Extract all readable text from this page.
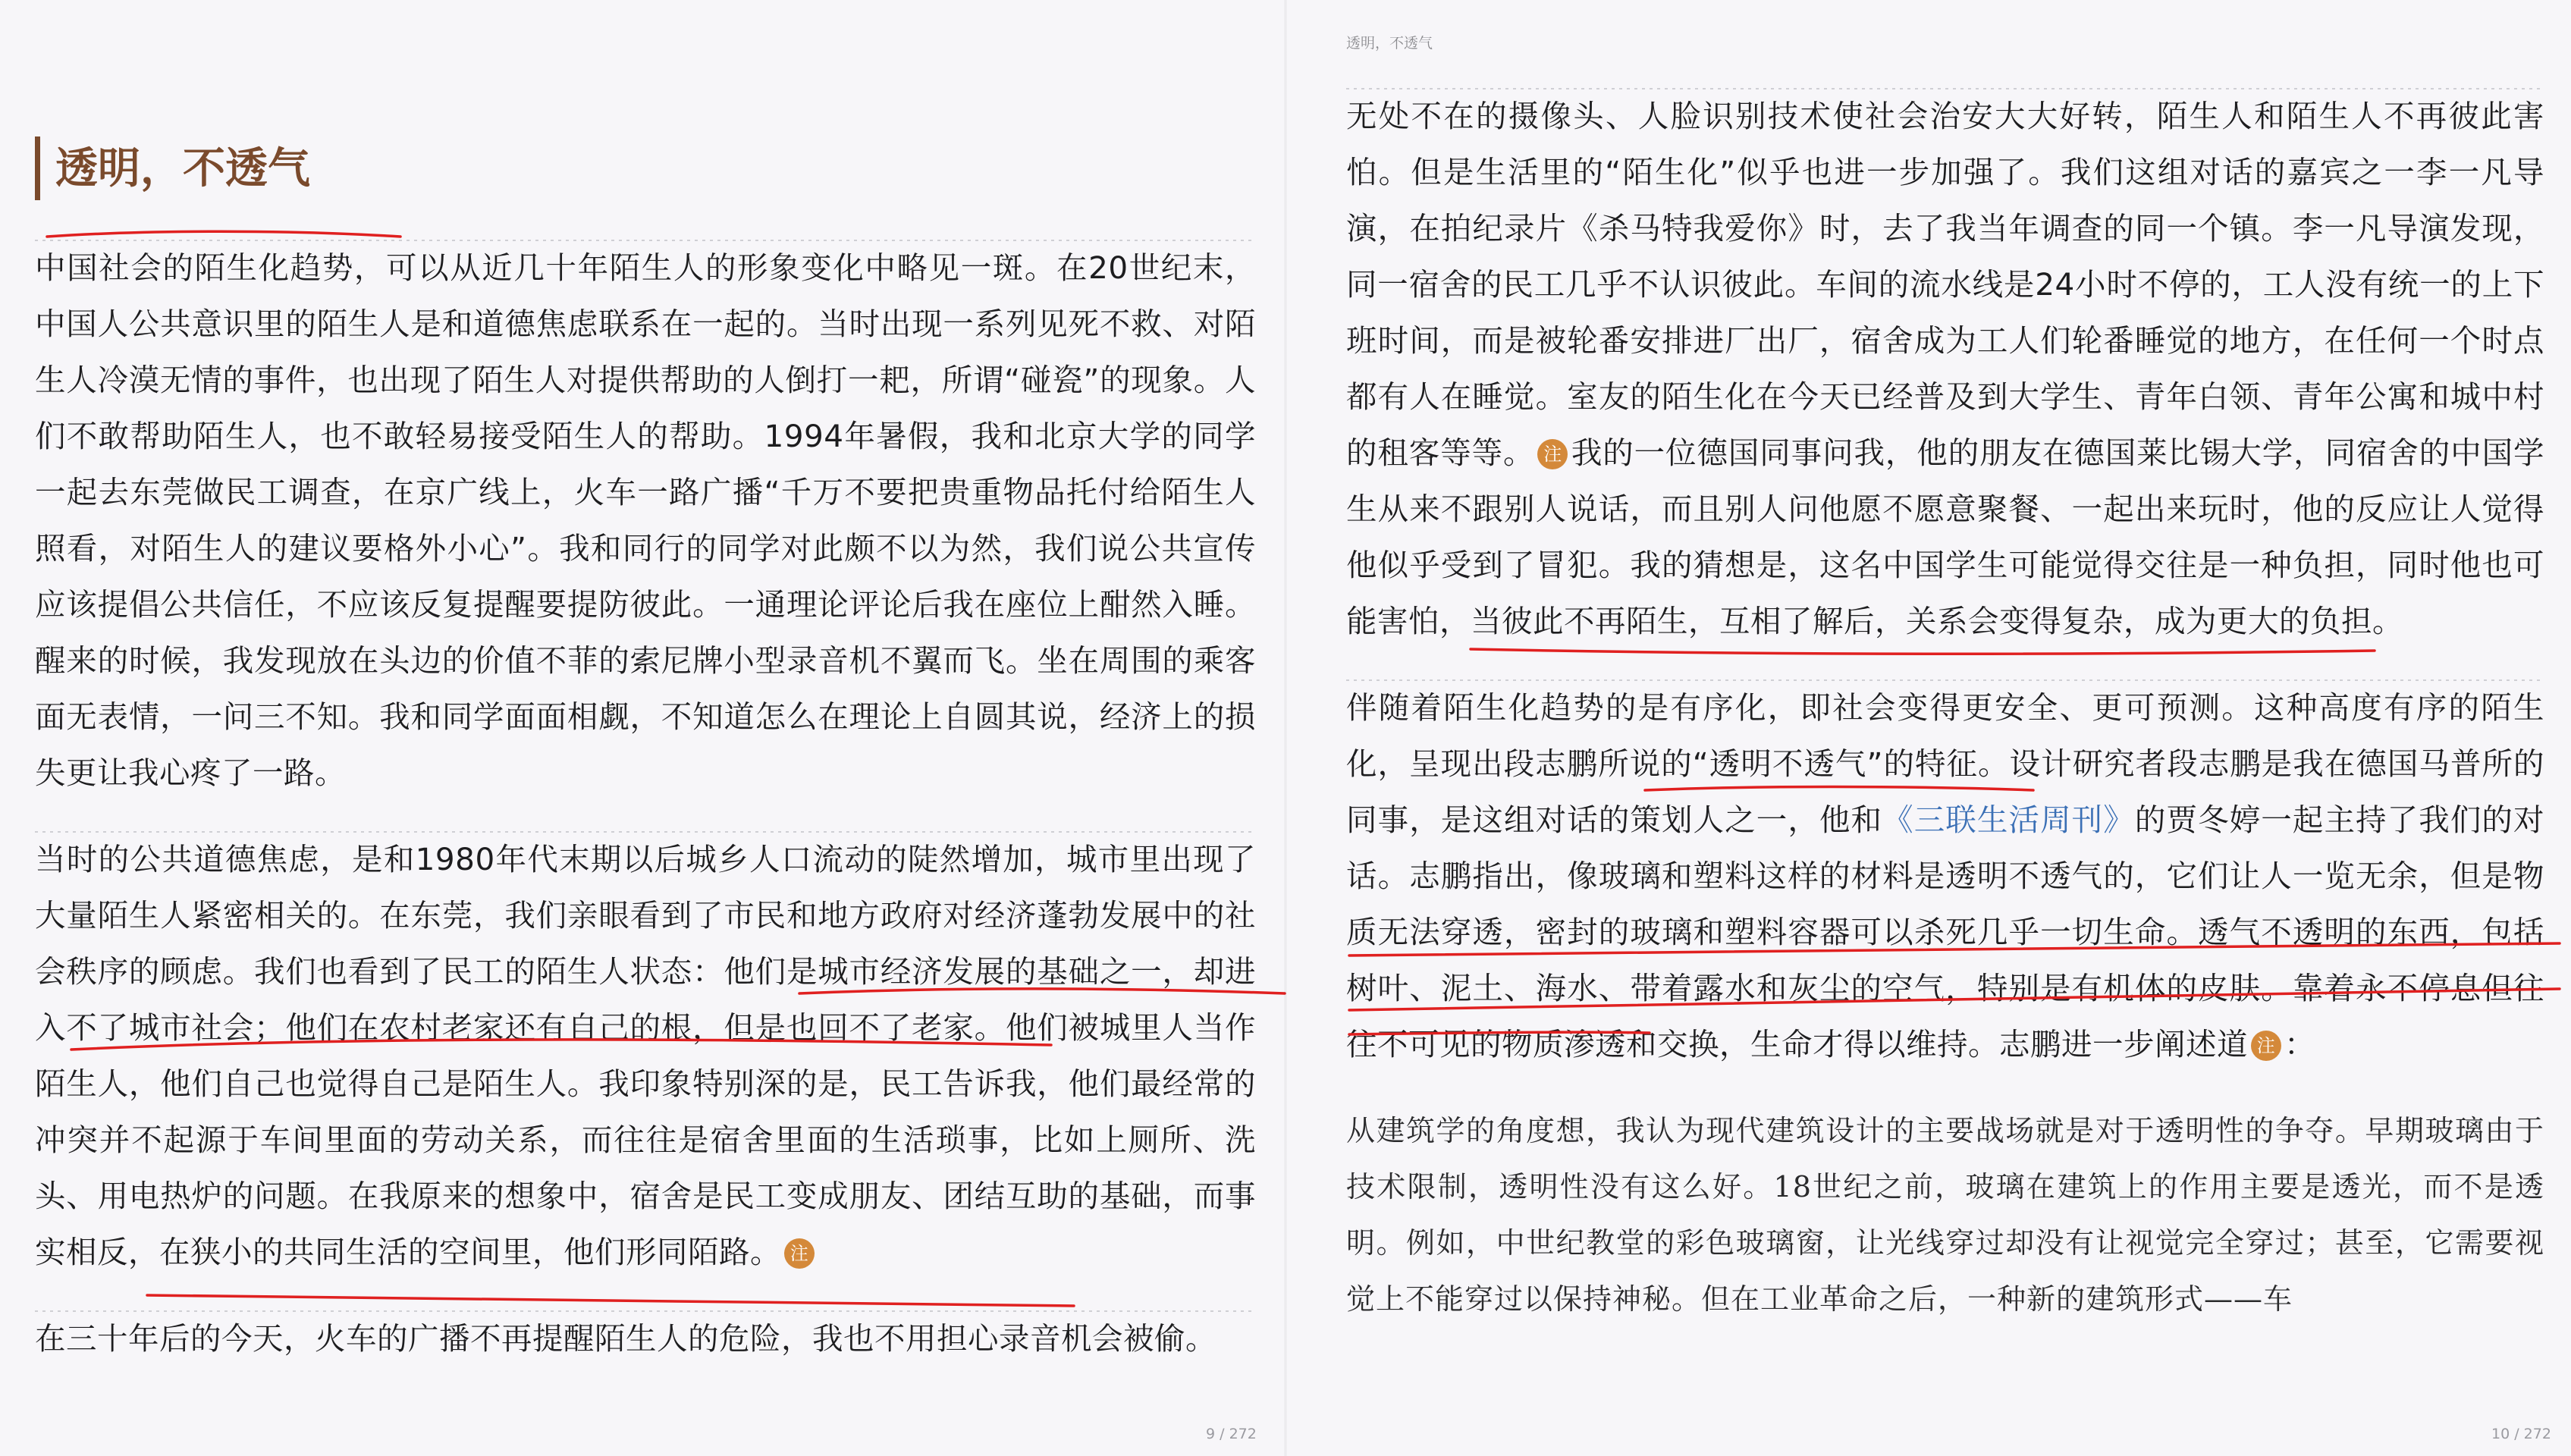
透明，不透气

中国社会的陌生化趋势，可以从近几十年陌生人的形象变化中略见一斑。在20世纪末，中国人公共意识里的陌生人是和道德焦虑联系在一起的。当时出现一系列见死不救、对陌生人冷漠无情的事件，也出现了陌生人对提供帮助的人倒打一耙，所谓“碰瓷”的现象。人们不敢帮助陌生人，也不敢轻易接受陌生人的帮助。1994年暑假，我和北京大学的同学一起去东莞做民工调查，在京广线上，火车一路广播“千万不要把贵重物品托付给陌生人照看，对陌生人的建议要格外小心”。我和同行的同学对此颇不以为然，我们说公共宣传应该提倡公共信任，不应该反复提醒要提防彼此。一通理论评论后我在座位上酣然入睡。醒来的时候，我发现放在头边的价值不菲的索尼牌小型录音机不翼而飞。坐在周围的乘客面无表情，一问三不知。我和同学面面相觑，不知道怎么在理论上自圆其说，经济上的损失更让我心疼了一路。

当时的公共道德焦虑，是和1980年代末期以后城乡人口流动的陡然增加，城市里出现了大量陌生人紧密相关的。在东莞，我们亲眼看到了市民和地方政府对经济蓬勃发展中的社会秩序的顾虑。我们也看到了民工的陌生人状态：他们是城市经济发展的基础之一，却进入不了城市社会；他们在农村老家还有自己的根，但是也回不了老家。他们被城里人当作陌生人，他们自己也觉得自己是陌生人。我印象特别深的是，民工告诉我，他们最经常的冲突并不起源于车间里面的劳动关系，而往往是宿舍里面的生活琐事，比如上厕所、洗头、用电热炉的问题。在我原来的想象中，宿舍是民工变成朋友、团结互助的基础，而事实相反，在狭小的共同生活的空间里，他们形同陌路。 注

在三十年后的今天，火车的广播不再提醒陌生人的危险，我也不用担心录音机会被偷。

9 / 272
透明，不透气

无处不在的摄像头、人脸识别技术使社会治安大大好转，陌生人和陌生人不再彼此害怕。但是生活里的“陌生化”似乎也进一步加强了。我们这组对话的嘉宾之一李一凡导演，在拍纪录片《杀马特我爱你》时，去了我当年调查的同一个镇。李一凡导演发现，同一宿舍的民工几乎不认识彼此。车间的流水线是24小时不停的，工人没有统一的上下班时间，而是被轮番安排进厂出厂，宿舍成为工人们轮番睡觉的地方，在任何一个时点都有人在睡觉。室友的陌生化在今天已经普及到大学生、青年白领、青年公寓和城中村的租客等等。 注 我的一位德国同事问我，他的朋友在德国莱比锡大学，同宿舍的中国学生从来不跟别人说话，而且别人问他愿不愿意聚餐、一起出来玩时，他的反应让人觉得他似乎受到了冒犯。我的猜想是，这名中国学生可能觉得交往是一种负担，同时他也可能害怕，当彼此不再陌生，互相了解后，关系会变得复杂，成为更大的负担。

伴随着陌生化趋势的是有序化，即社会变得更安全、更可预测。这种高度有序的陌生化，呈现出段志鹏所说的“透明不透气”的特征。设计研究者段志鹏是我在德国马普所的同事，是这组对话的策划人之一，他和《三联生活周刊》的贾冬婷一起主持了我们的对话。志鹏指出，像玻璃和塑料这样的材料是透明不透气的，它们让人一览无余，但是物质无法穿透，密封的玻璃和塑料容器可以杀死几乎一切生命。透气不透明的东西，包括树叶、泥土、海水、带着露水和灰尘的空气，特别是有机体的皮肤。靠着永不停息但往往不可见的物质渗透和交换，生命才得以维持。志鹏进一步阐述道 注 ：

从建筑学的角度想，我认为现代建筑设计的主要战场就是对于透明性的争夺。早期玻璃由于技术限制，透明性没有这么好。18世纪之前，玻璃在建筑上的作用主要是透光，而不是透明。例如，中世纪教堂的彩色玻璃窗，让光线穿过却没有让视觉完全穿过；甚至，它需要视觉上不能穿过以保持神秘。但在工业革命之后，一种新的建筑形式——车

10 / 272
